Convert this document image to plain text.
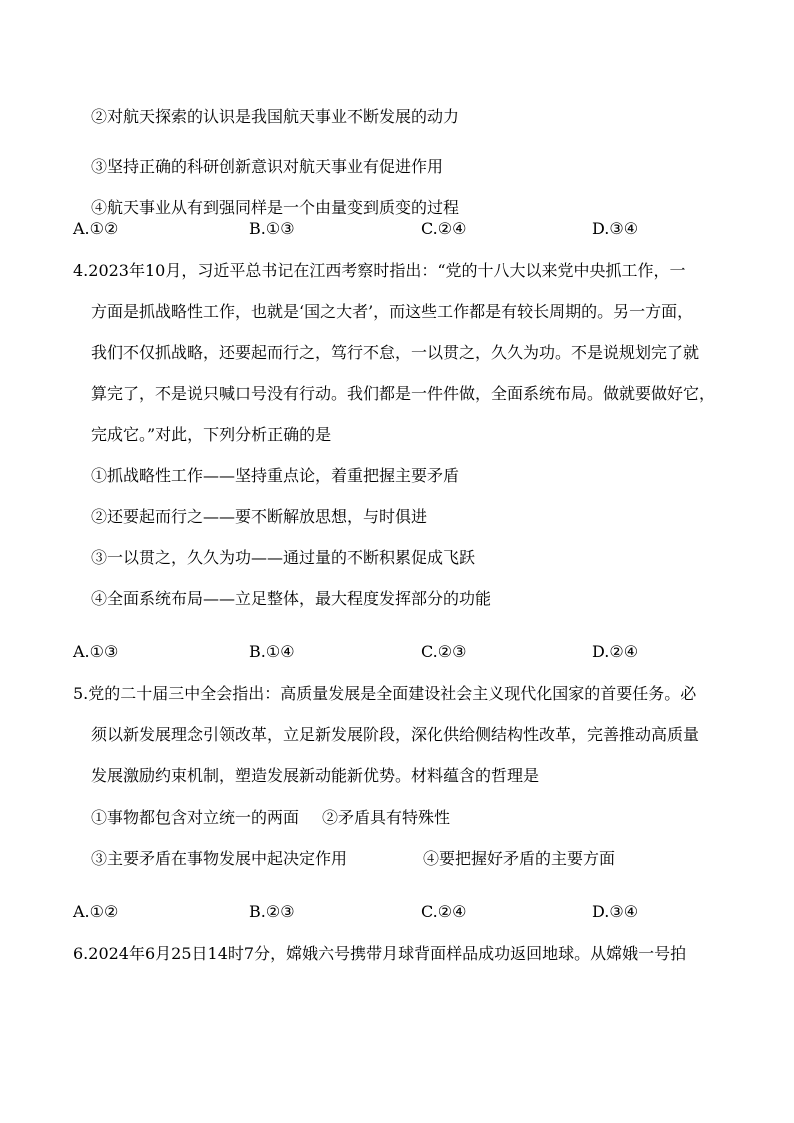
②对航天探索的认识是我国航天事业不断发展的动力
③坚持正确的科研创新意识对航天事业有促进作用
④航天事业从有到强同样是一个由量变到质变的过程
A.①②	B.①③	C.②④	D.③④
4.2023年10月，习近平总书记在江西考察时指出：“党的十八大以来党中央抓工作，一
方面是抓战略性工作，也就是‘国之大者’，而这些工作都是有较长周期的。另一方面，
我们不仅抓战略，还要起而行之，笃行不怠，一以贯之，久久为功。不是说规划完了就
算完了，不是说只喊口号没有行动。我们都是一件件做，全面系统布局。做就要做好它，
完成它。”对此，下列分析正确的是
①抓战略性工作——坚持重点论，着重把握主要矛盾
②还要起而行之——要不断解放思想，与时俱进
③一以贯之，久久为功——通过量的不断积累促成飞跃
④全面系统布局——立足整体，最大程度发挥部分的功能
A.①③	B.①④	C.②③	D.②④
5.党的二十届三中全会指出：高质量发展是全面建设社会主义现代化国家的首要任务。必
须以新发展理念引领改革，立足新发展阶段，深化供给侧结构性改革，完善推动高质量
发展激励约束机制，塑造发展新动能新优势。材料蕴含的哲理是
①事物都包含对立统一的两面 ②矛盾具有特殊性
③主要矛盾在事物发展中起决定作用	④要把握好矛盾的主要方面
A.①②	B.②③	C.②④	D.③④
6.2024年6月25日14时7分，嫦娥六号携带月球背面样品成功返回地球。从嫦娥一号拍
